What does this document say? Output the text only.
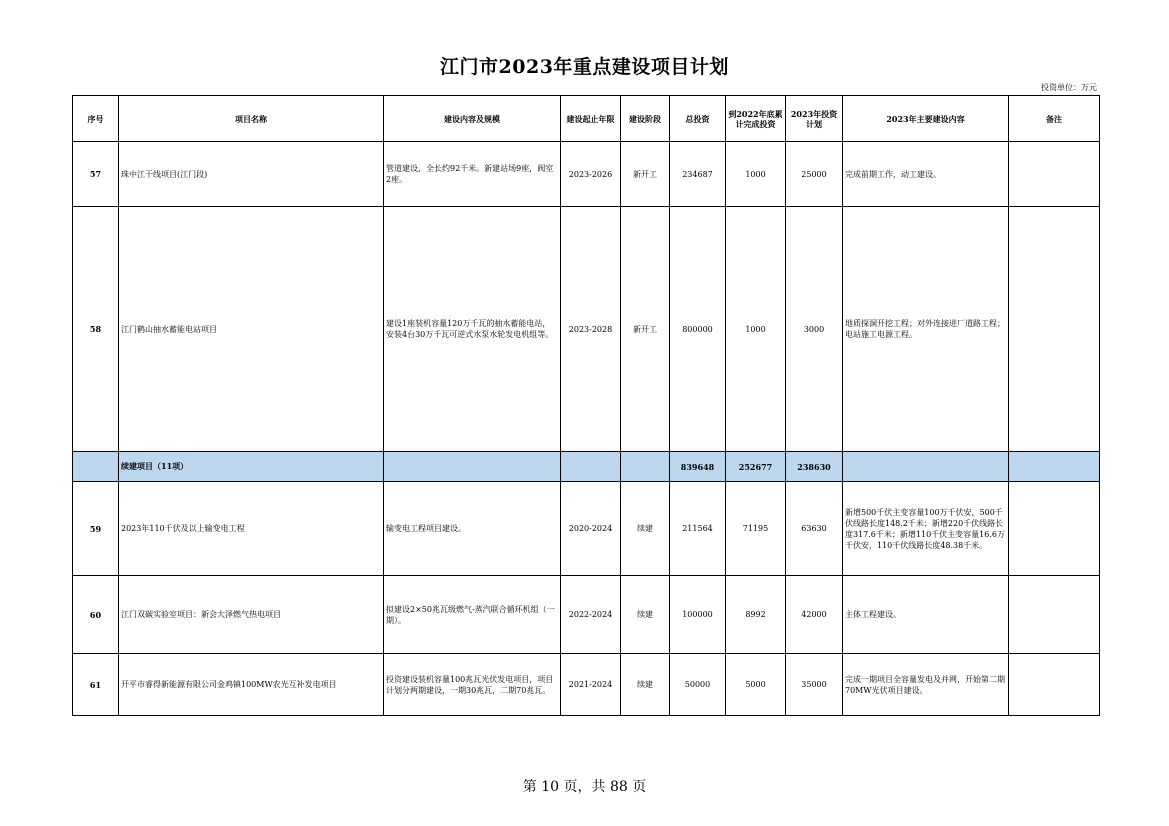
江门市2023年重点建设项目计划
投资单位：万元
序号	项目名称	建设内容及规模	建设起止年限	建设阶段	总投资	到2022年底累计完成投资	2023年投资计划	2023年主要建设内容	备注
57	珠中江干线项目(江门段)	管道建设，全长约92千米。新建站场9座，阀室2座。	2023-2026	新开工	234687	1000	25000	完成前期工作，动工建设。	
58	江门鹤山抽水蓄能电站项目	建设1座装机容量120万千瓦的抽水蓄能电站，安装4台30万千瓦可逆式水泵水轮发电机组等。	2023-2028	新开工	800000	1000	3000	地质探洞开挖工程；对外连接进厂道路工程；电站施工电源工程。	
	续建项目（11项）				839648	252677	238630		
59	2023年110千伏及以上输变电工程	输变电工程项目建设。	2020-2024	续建	211564	71195	63630	新增500千伏主变容量100万千伏安，500千伏线路长度148.2千米；新增220千伏线路长度317.6千米；新增110千伏主变容量16.6万千伏安，110千伏线路长度48.38千米。	
60	江门双碳实验室项目：新会大泽燃气热电项目	拟建设2×50兆瓦级燃气-蒸汽联合循环机组（一期）。	2022-2024	续建	100000	8992	42000	主体工程建设。	
61	开平市睿得新能源有限公司金鸡镇100MW农光互补发电项目	投资建设装机容量100兆瓦光伏发电项目，项目计划分两期建设，一期30兆瓦，二期70兆瓦。	2021-2024	续建	50000	5000	35000	完成一期项目全容量发电及并网，开始第二期70MW光伏项目建设。	
第 10 页，共 88 页
